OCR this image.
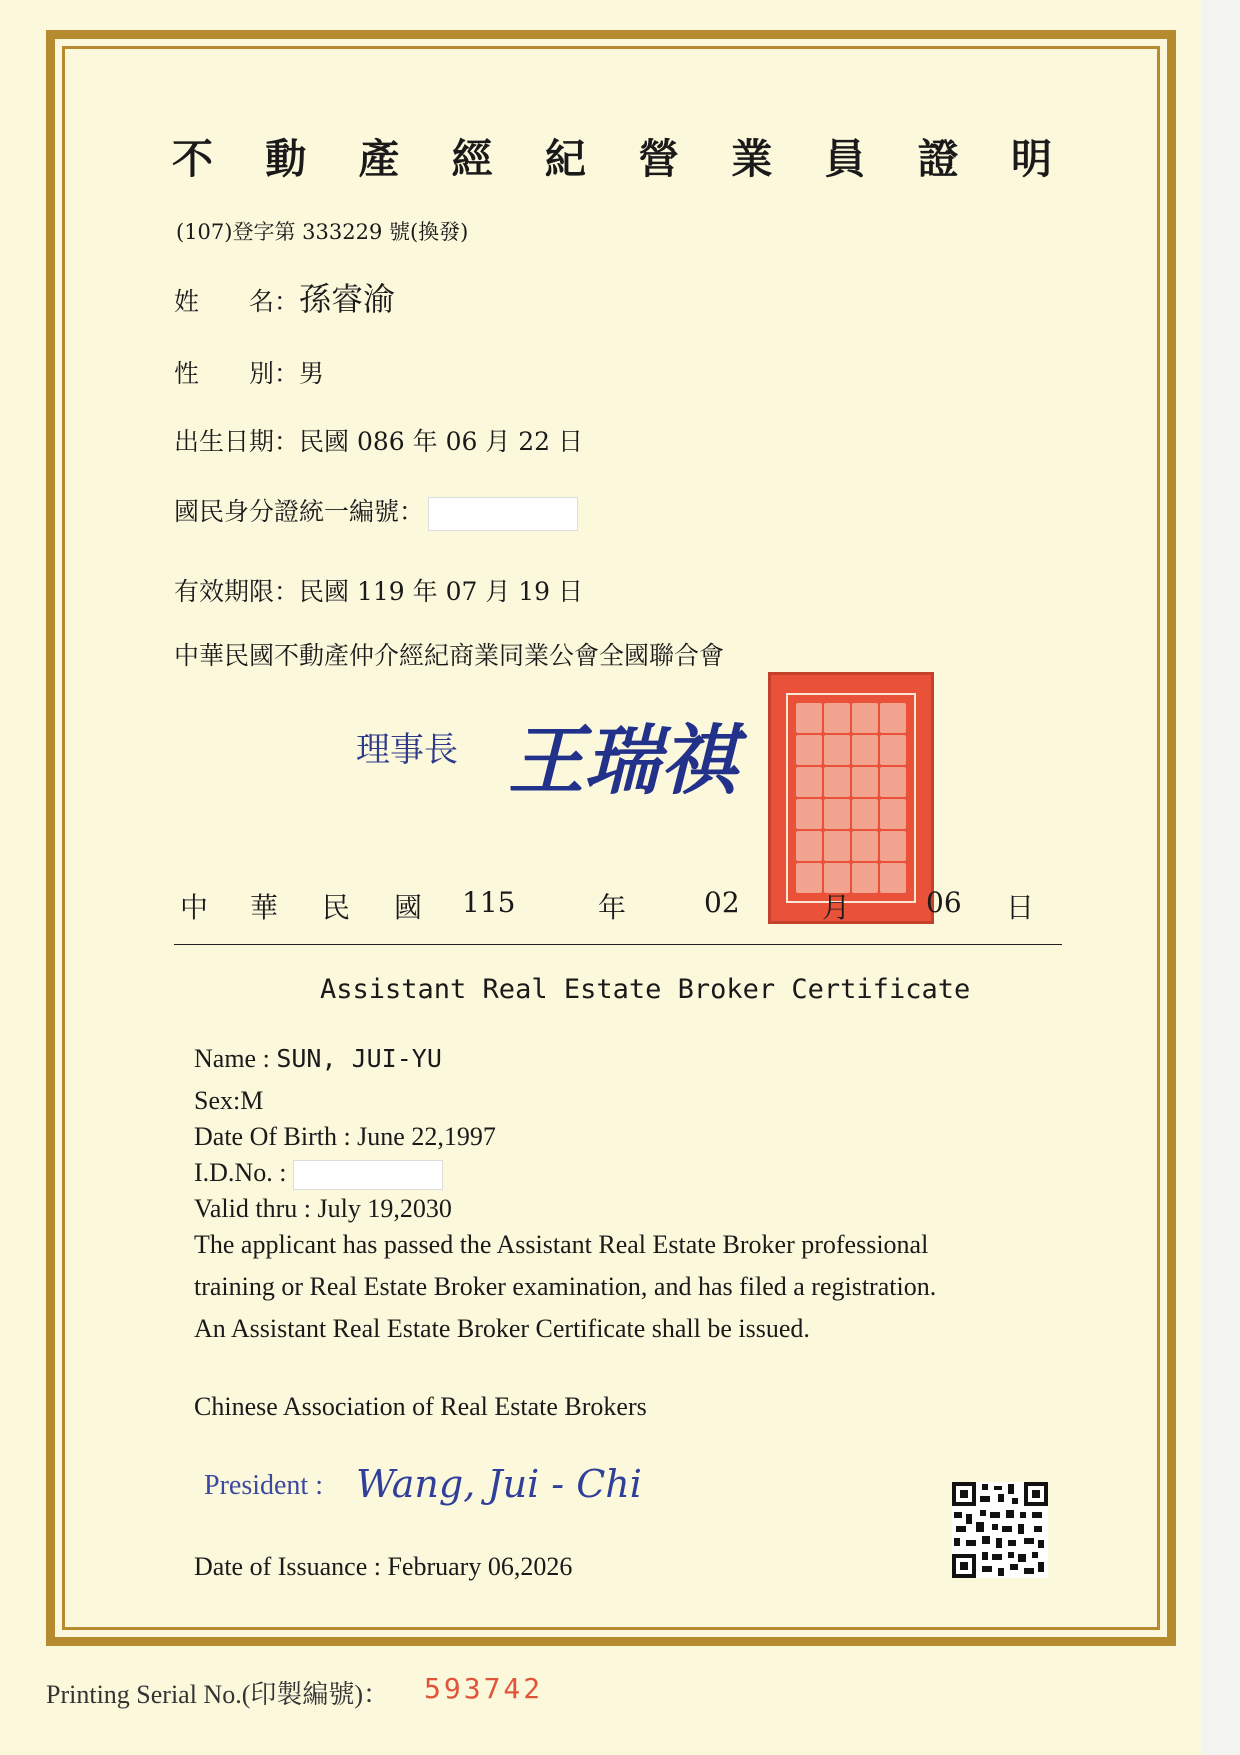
不 動 產 經 紀 營 業 員 證 明
(107)登字第 333229 號(換發)
姓　　名：孫睿渝
性　　別：男
出生日期：民國 086 年 06 月 22 日
國民身分證統一編號：
有效期限：民國 119 年 07 月 19 日
中華民國不動產仲介經紀商業同業公會全國聯合會
理事長 王瑞祺
中 華 民 國 115	年	02	月	06 日
Assistant Real Estate Broker Certificate
Name : SUN, JUI-YU
Sex:M
Date Of Birth : June 22,1997
I.D.No. :
Valid thru : July 19,2030
The applicant has passed the Assistant Real Estate Broker professional
training or Real Estate Broker examination, and has filed a registration.
An Assistant Real Estate Broker Certificate shall be issued.
Chinese Association of Real Estate Brokers
President : Wang, Jui - Chi
Date of Issuance : February 06,2026
Printing Serial No.(印製編號)： 593742
